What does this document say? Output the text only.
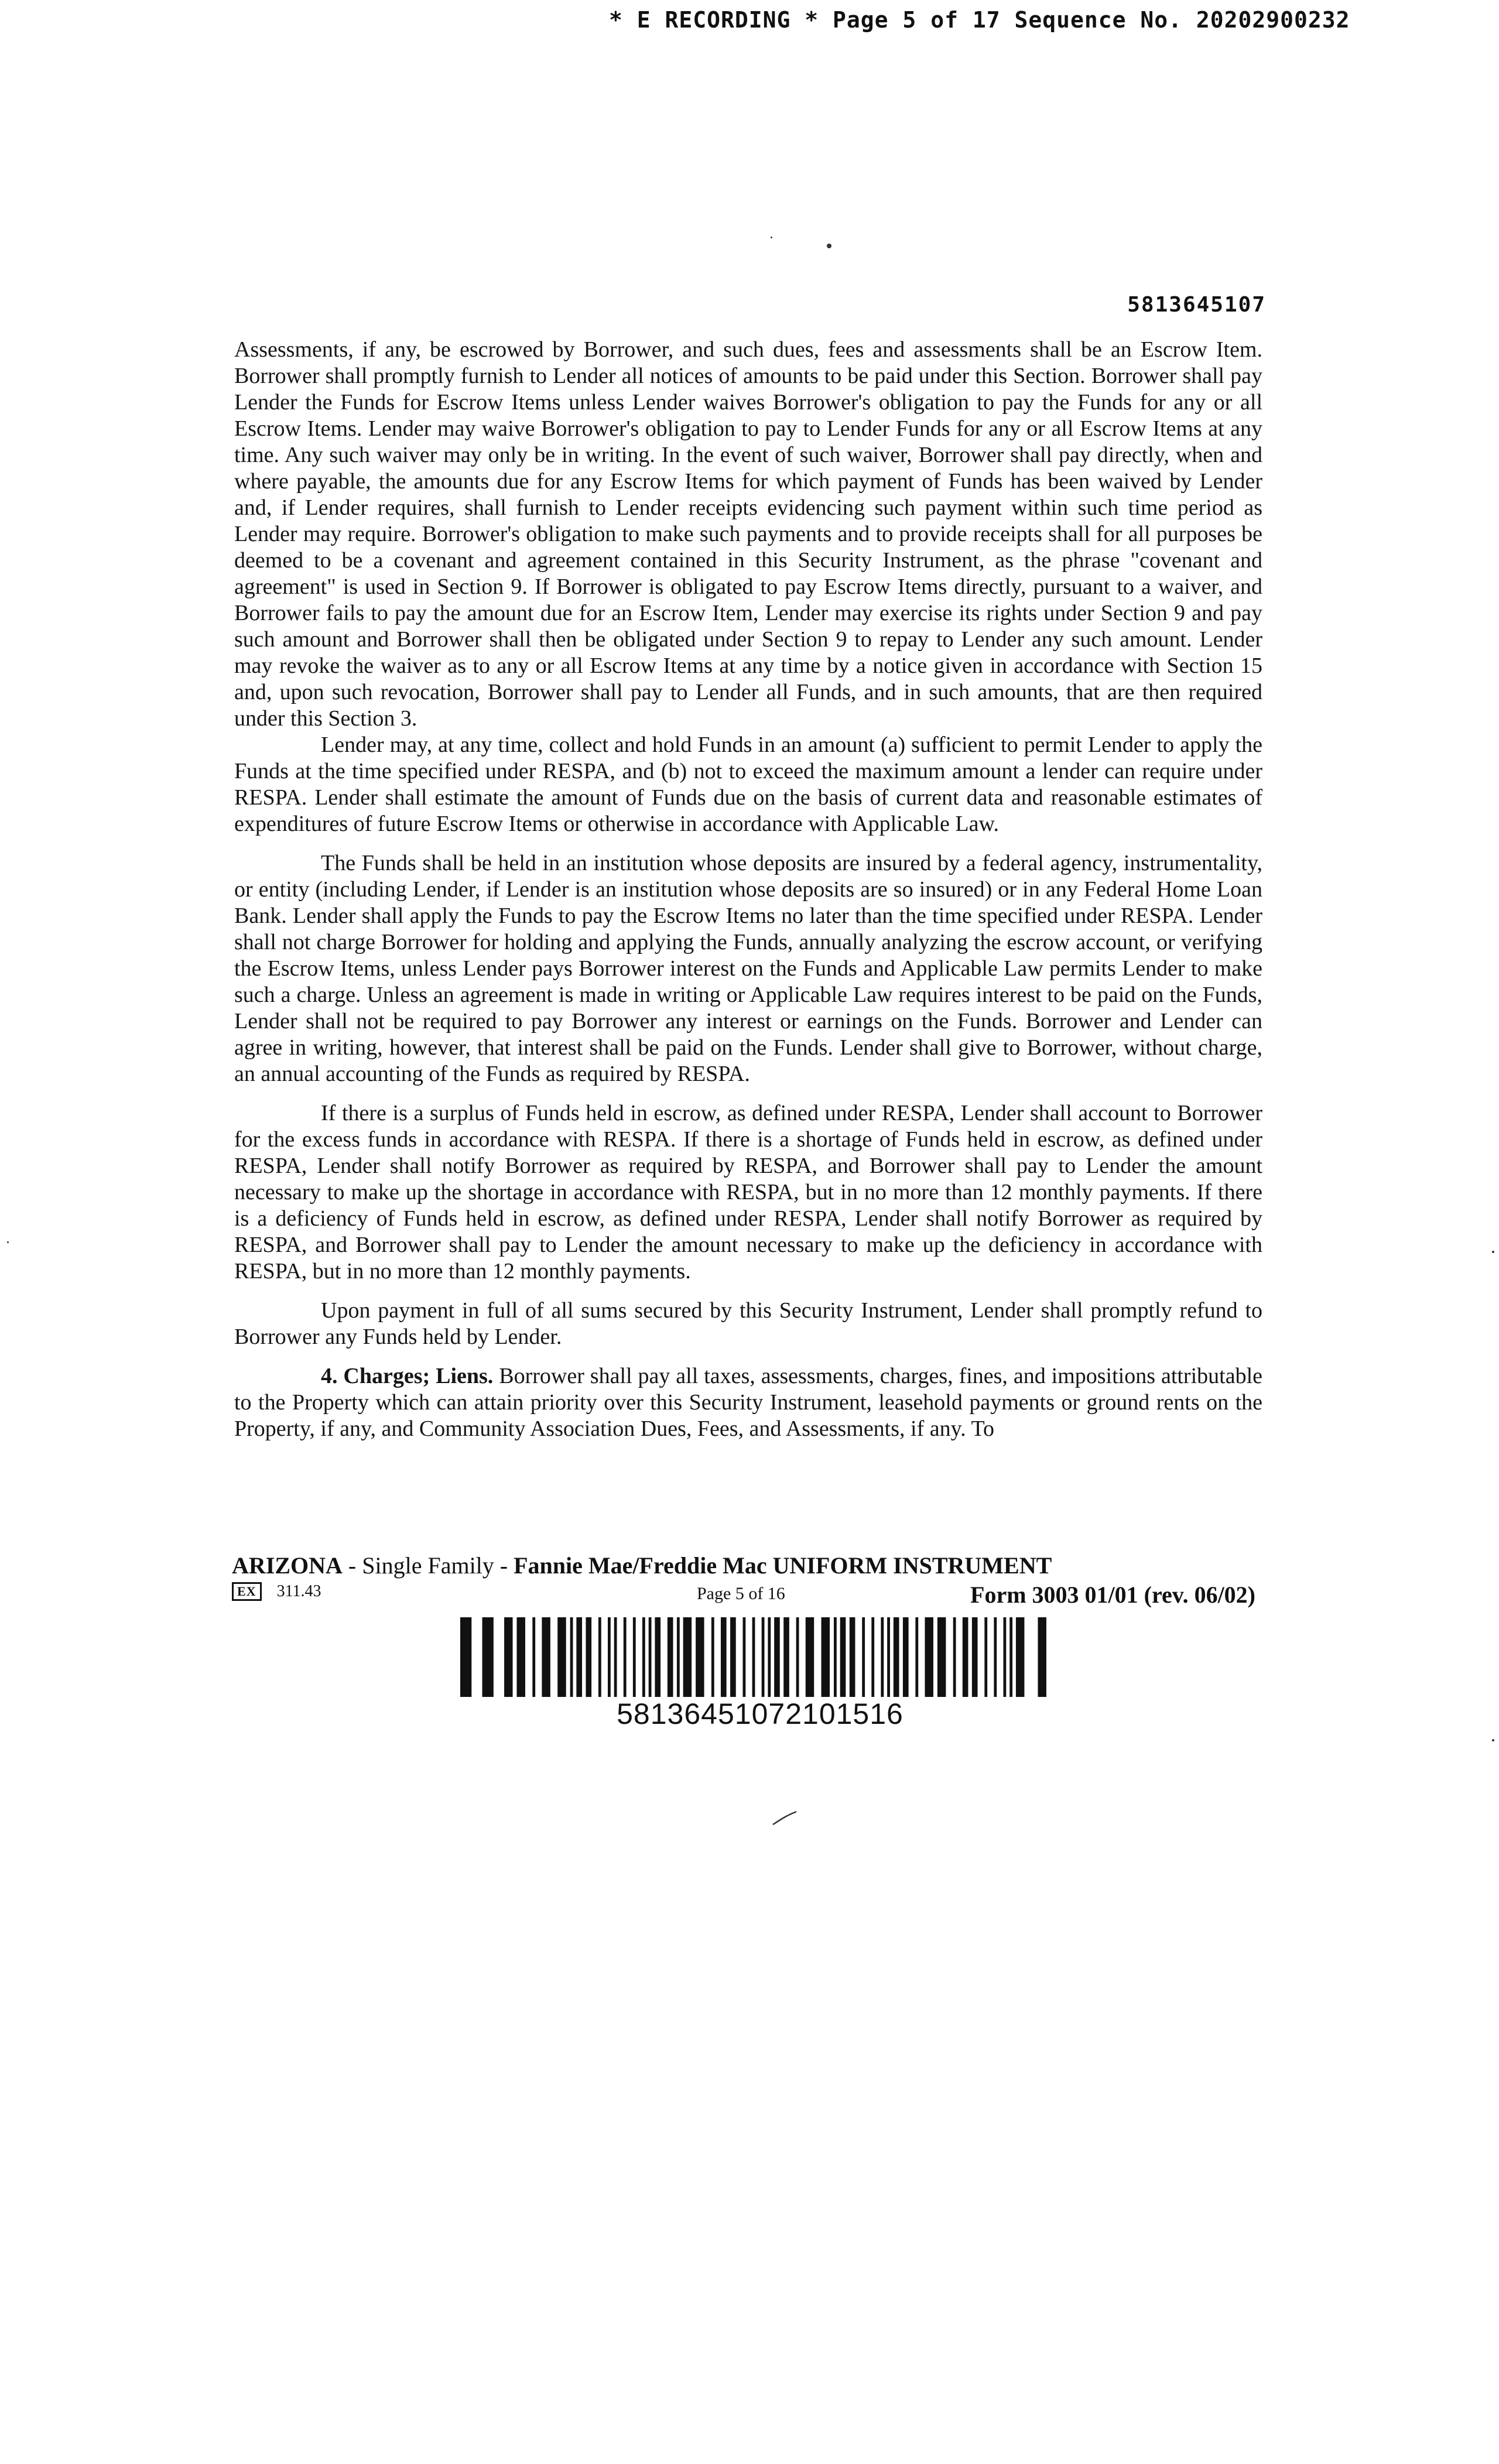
* E RECORDING * Page 5 of 17 Sequence No. 20202900232
5813645107

Assessments, if any, be escrowed by Borrower, and such dues, fees and assessments shall be an Escrow Item. Borrower shall promptly furnish to Lender all notices of amounts to be paid under this Section. Borrower shall pay Lender the Funds for Escrow Items unless Lender waives Borrower's obligation to pay the Funds for any or all Escrow Items. Lender may waive Borrower's obligation to pay to Lender Funds for any or all Escrow Items at any time. Any such waiver may only be in writing. In the event of such waiver, Borrower shall pay directly, when and where payable, the amounts due for any Escrow Items for which payment of Funds has been waived by Lender and, if Lender requires, shall furnish to Lender receipts evidencing such payment within such time period as Lender may require. Borrower's obligation to make such payments and to provide receipts shall for all purposes be deemed to be a covenant and agreement contained in this Security Instrument, as the phrase "covenant and agreement" is used in Section 9. If Borrower is obligated to pay Escrow Items directly, pursuant to a waiver, and Borrower fails to pay the amount due for an Escrow Item, Lender may exercise its rights under Section 9 and pay such amount and Borrower shall then be obligated under Section 9 to repay to Lender any such amount. Lender may revoke the waiver as to any or all Escrow Items at any time by a notice given in accordance with Section 15 and, upon such revocation, Borrower shall pay to Lender all Funds, and in such amounts, that are then required under this Section 3.

Lender may, at any time, collect and hold Funds in an amount (a) sufficient to permit Lender to apply the Funds at the time specified under RESPA, and (b) not to exceed the maximum amount a lender can require under RESPA. Lender shall estimate the amount of Funds due on the basis of current data and reasonable estimates of expenditures of future Escrow Items or otherwise in accordance with Applicable Law.

The Funds shall be held in an institution whose deposits are insured by a federal agency, instrumentality, or entity (including Lender, if Lender is an institution whose deposits are so insured) or in any Federal Home Loan Bank. Lender shall apply the Funds to pay the Escrow Items no later than the time specified under RESPA. Lender shall not charge Borrower for holding and applying the Funds, annually analyzing the escrow account, or verifying the Escrow Items, unless Lender pays Borrower interest on the Funds and Applicable Law permits Lender to make such a charge. Unless an agreement is made in writing or Applicable Law requires interest to be paid on the Funds, Lender shall not be required to pay Borrower any interest or earnings on the Funds. Borrower and Lender can agree in writing, however, that interest shall be paid on the Funds. Lender shall give to Borrower, without charge, an annual accounting of the Funds as required by RESPA.

If there is a surplus of Funds held in escrow, as defined under RESPA, Lender shall account to Borrower for the excess funds in accordance with RESPA. If there is a shortage of Funds held in escrow, as defined under RESPA, Lender shall notify Borrower as required by RESPA, and Borrower shall pay to Lender the amount necessary to make up the shortage in accordance with RESPA, but in no more than 12 monthly payments. If there is a deficiency of Funds held in escrow, as defined under RESPA, Lender shall notify Borrower as required by RESPA, and Borrower shall pay to Lender the amount necessary to make up the deficiency in accordance with RESPA, but in no more than 12 monthly payments.

Upon payment in full of all sums secured by this Security Instrument, Lender shall promptly refund to Borrower any Funds held by Lender.

4. Charges; Liens. Borrower shall pay all taxes, assessments, charges, fines, and impositions attributable to the Property which can attain priority over this Security Instrument, leasehold payments or ground rents on the Property, if any, and Community Association Dues, Fees, and Assessments, if any. To

ARIZONA - Single Family - Fannie Mae/Freddie Mac UNIFORM INSTRUMENT
EX	311.43	Page 5 of 16	Form 3003 01/01 (rev. 06/02)
58136451072101516
